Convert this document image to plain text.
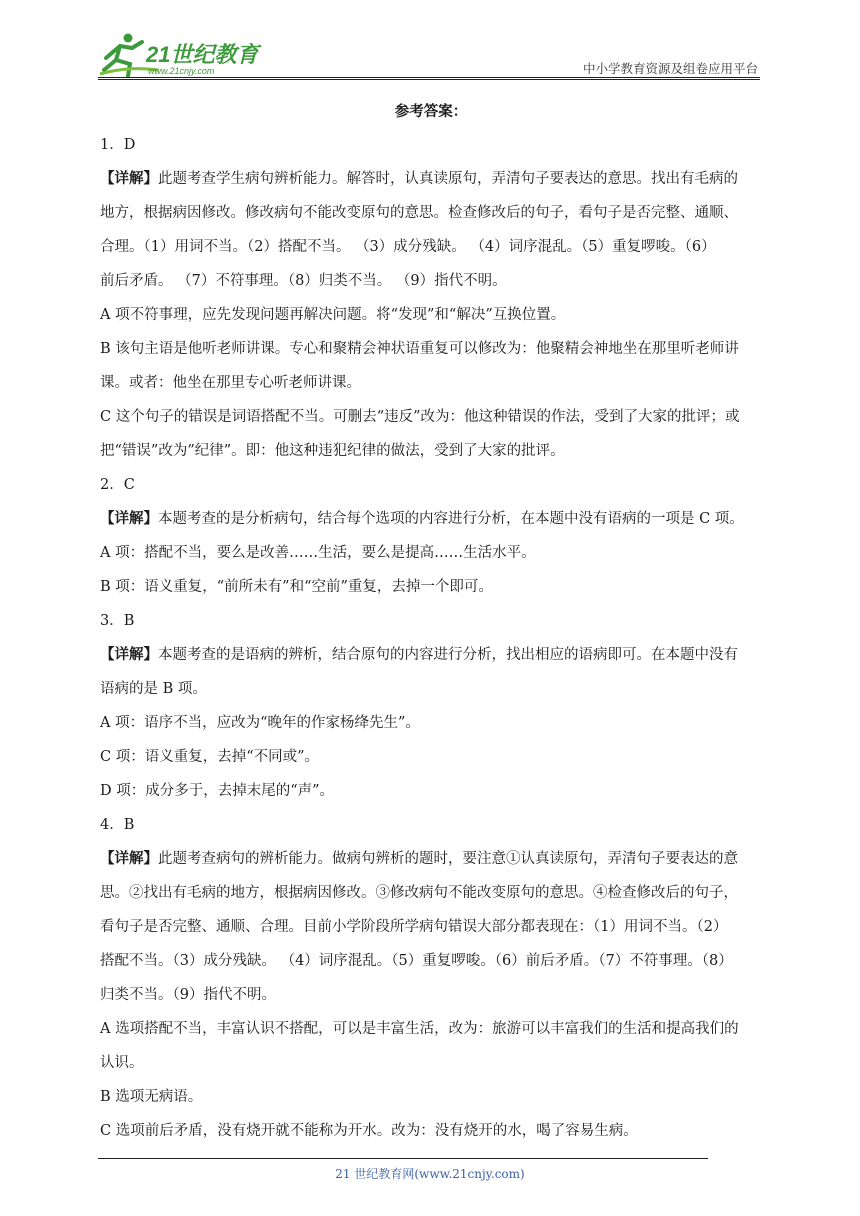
21世纪教育
www.21cnjy.com	中小学教育资源及组卷应用平台
参考答案：
1．D
【详解】此题考查学生病句辨析能力。解答时，认真读原句，弄清句子要表达的意思。找出有毛病的
地方，根据病因修改。修改病句不能改变原句的意思。检查修改后的句子，看句子是否完整、通顺、
合理。（1）用词不当。（2）搭配不当。 （3）成分残缺。 （4）词序混乱。（5）重复啰唆。（6）
前后矛盾。 （7）不符事理。（8）归类不当。 （9）指代不明。
A 项不符事理，应先发现问题再解决问题。将“发现”和“解决”互换位置。
B 该句主语是他听老师讲课。专心和聚精会神状语重复可以修改为：他聚精会神地坐在那里听老师讲
课。或者：他坐在那里专心听老师讲课。
C 这个句子的错误是词语搭配不当。可删去“违反”改为：他这种错误的作法，受到了大家的批评；或
把“错误”改为”纪律”。即：他这种违犯纪律的做法，受到了大家的批评。
2．C
【详解】本题考查的是分析病句，结合每个选项的内容进行分析，在本题中没有语病的一项是 C 项。
A 项：搭配不当，要么是改善……生活，要么是提高……生活水平。
B 项：语义重复，“前所未有”和“空前”重复，去掉一个即可。
3．B
【详解】本题考查的是语病的辨析，结合原句的内容进行分析，找出相应的语病即可。在本题中没有
语病的是 B 项。
A 项：语序不当，应改为“晚年的作家杨绛先生”。
C 项：语义重复，去掉“不同或”。
D 项：成分多于，去掉末尾的“声”。
4．B
【详解】此题考查病句的辨析能力。做病句辨析的题时，要注意①认真读原句，弄清句子要表达的意
思。②找出有毛病的地方，根据病因修改。③修改病句不能改变原句的意思。④检查修改后的句子，
看句子是否完整、通顺、合理。目前小学阶段所学病句错误大部分都表现在：（1）用词不当。（2）
搭配不当。（3）成分残缺。 （4）词序混乱。（5）重复啰唆。（6）前后矛盾。（7）不符事理。（8）
归类不当。（9）指代不明。
A 选项搭配不当，丰富认识不搭配，可以是丰富生活，改为：旅游可以丰富我们的生活和提高我们的
认识。
B 选项无病语。
C 选项前后矛盾，没有烧开就不能称为开水。改为：没有烧开的水，喝了容易生病。
21 世纪教育网(www.21cnjy.com)
